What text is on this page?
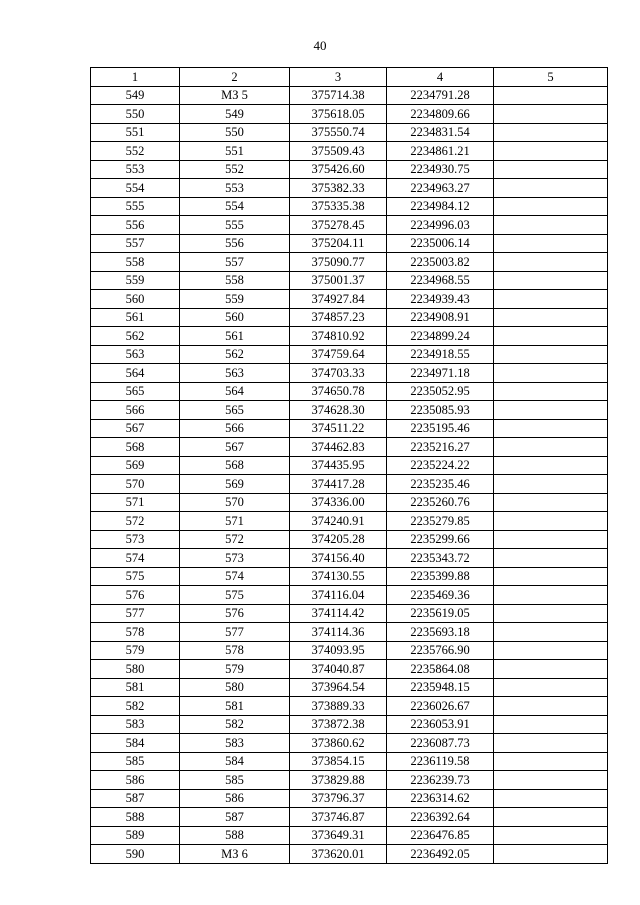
40
1	2	3	4	5
549	МЗ 5	375714.38	2234791.28	
550	549	375618.05	2234809.66	
551	550	375550.74	2234831.54	
552	551	375509.43	2234861.21	
553	552	375426.60	2234930.75	
554	553	375382.33	2234963.27	
555	554	375335.38	2234984.12	
556	555	375278.45	2234996.03	
557	556	375204.11	2235006.14	
558	557	375090.77	2235003.82	
559	558	375001.37	2234968.55	
560	559	374927.84	2234939.43	
561	560	374857.23	2234908.91	
562	561	374810.92	2234899.24	
563	562	374759.64	2234918.55	
564	563	374703.33	2234971.18	
565	564	374650.78	2235052.95	
566	565	374628.30	2235085.93	
567	566	374511.22	2235195.46	
568	567	374462.83	2235216.27	
569	568	374435.95	2235224.22	
570	569	374417.28	2235235.46	
571	570	374336.00	2235260.76	
572	571	374240.91	2235279.85	
573	572	374205.28	2235299.66	
574	573	374156.40	2235343.72	
575	574	374130.55	2235399.88	
576	575	374116.04	2235469.36	
577	576	374114.42	2235619.05	
578	577	374114.36	2235693.18	
579	578	374093.95	2235766.90	
580	579	374040.87	2235864.08	
581	580	373964.54	2235948.15	
582	581	373889.33	2236026.67	
583	582	373872.38	2236053.91	
584	583	373860.62	2236087.73	
585	584	373854.15	2236119.58	
586	585	373829.88	2236239.73	
587	586	373796.37	2236314.62	
588	587	373746.87	2236392.64	
589	588	373649.31	2236476.85	
590	МЗ 6	373620.01	2236492.05	
